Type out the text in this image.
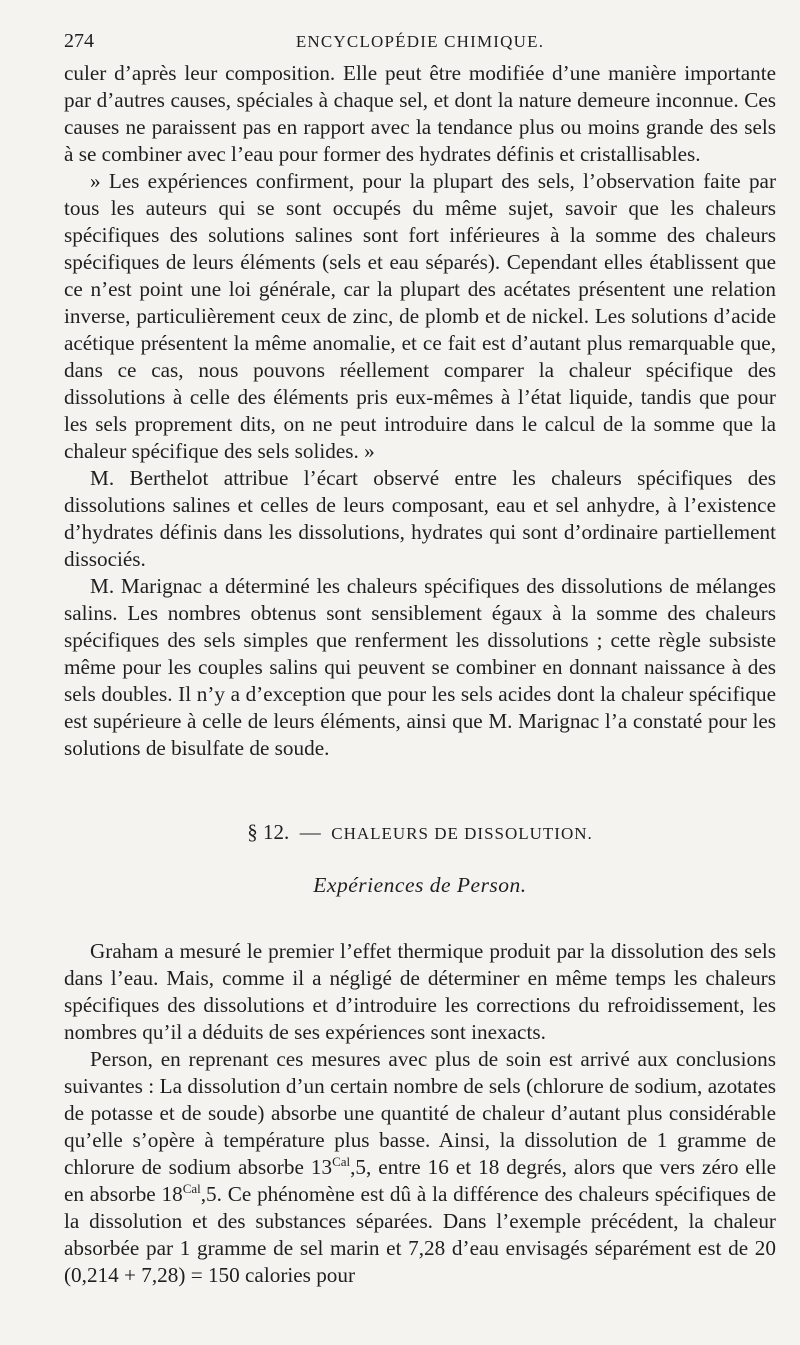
274	ENCYCLOPÉDIE CHIMIQUE.

culer d’après leur composition. Elle peut être modifiée d’une manière importante par d’autres causes, spéciales à chaque sel, et dont la nature demeure inconnue. Ces causes ne paraissent pas en rapport avec la tendance plus ou moins grande des sels à se combiner avec l’eau pour former des hydrates définis et cristallisables.

» Les expériences confirment, pour la plupart des sels, l’observation faite par tous les auteurs qui se sont occupés du même sujet, savoir que les chaleurs spécifiques des solutions salines sont fort inférieures à la somme des chaleurs spécifiques de leurs éléments (sels et eau séparés). Cependant elles établissent que ce n’est point une loi générale, car la plupart des acétates présentent une relation inverse, particulièrement ceux de zinc, de plomb et de nickel. Les solutions d’acide acétique présentent la même anomalie, et ce fait est d’autant plus remarquable que, dans ce cas, nous pouvons réellement comparer la chaleur spécifique des dissolutions à celle des éléments pris eux-mêmes à l’état liquide, tandis que pour les sels proprement dits, on ne peut introduire dans le calcul de la somme que la chaleur spécifique des sels solides. »

M. Berthelot attribue l’écart observé entre les chaleurs spécifiques des dissolutions salines et celles de leurs composant, eau et sel anhydre, à l’existence d’hydrates définis dans les dissolutions, hydrates qui sont d’ordinaire partiellement dissociés.

M. Marignac a déterminé les chaleurs spécifiques des dissolutions de mélanges salins. Les nombres obtenus sont sensiblement égaux à la somme des chaleurs spécifiques des sels simples que renferment les dissolutions ; cette règle subsiste même pour les couples salins qui peuvent se combiner en donnant naissance à des sels doubles. Il n’y a d’exception que pour les sels acides dont la chaleur spécifique est supérieure à celle de leurs éléments, ainsi que M. Marignac l’a constaté pour les solutions de bisulfate de soude.

§ 12. — CHALEURS DE DISSOLUTION.
Expériences de Person.

Graham a mesuré le premier l’effet thermique produit par la dissolution des sels dans l’eau. Mais, comme il a négligé de déterminer en même temps les chaleurs spécifiques des dissolutions et d’introduire les corrections du refroidissement, les nombres qu’il a déduits de ses expériences sont inexacts.

Person, en reprenant ces mesures avec plus de soin est arrivé aux conclusions suivantes : La dissolution d’un certain nombre de sels (chlorure de sodium, azotates de potasse et de soude) absorbe une quantité de chaleur d’autant plus considérable qu’elle s’opère à température plus basse. Ainsi, la dissolution de 1 gramme de chlorure de sodium absorbe $13^{Cal},5$, entre 16 et 18 degrés, alors que vers zéro elle en absorbe $18^{Cal},5$. Ce phénomène est dû à la différence des chaleurs spécifiques de la dissolution et des substances séparées. Dans l’exemple précédent, la chaleur absorbée par 1 gramme de sel marin et 7,28 d’eau envisagés séparément est de 20 (0,214 + 7,28) = 150 calories pour
